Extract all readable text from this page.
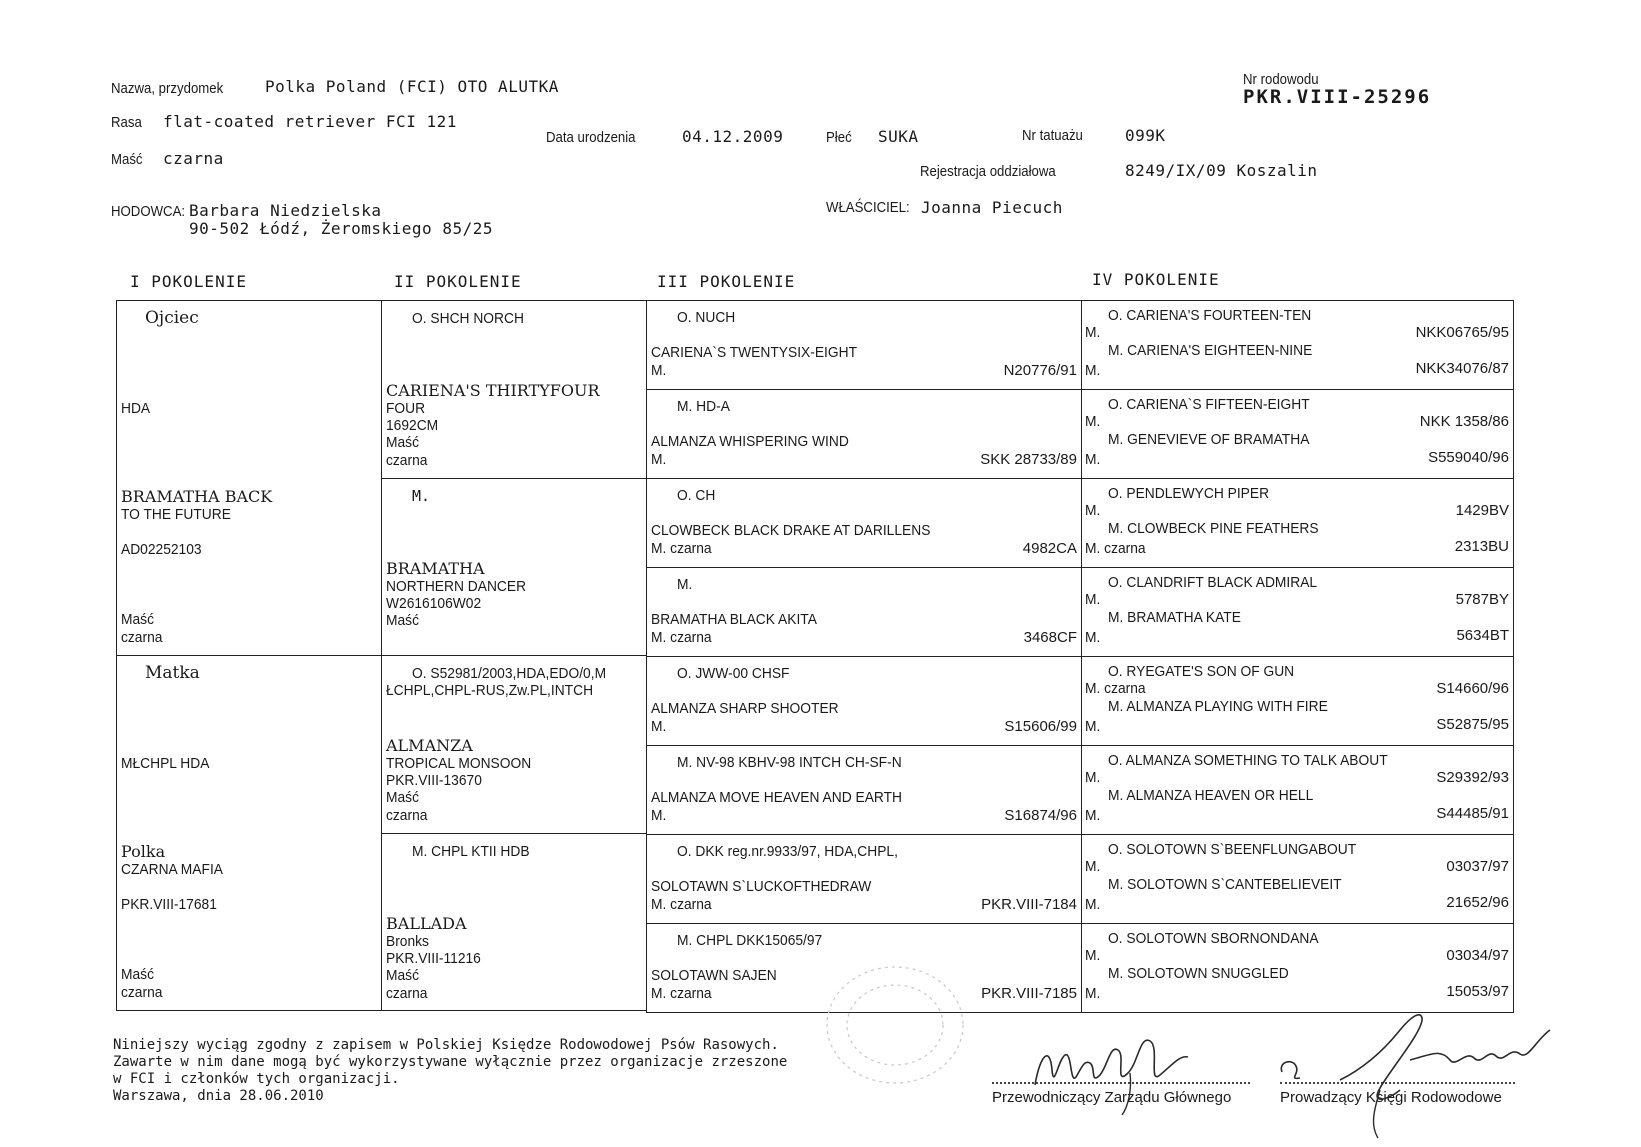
Nazwa, przydomek	Polka Poland (FCI) OTO ALUTKA
Rasa flat-coated retriever FCI 121
Maść czarna
Data urodzenia	04.12.2009	Płeć SUKA	Nr tatuażu	099K
Nr rodowodu
PKR.VIII-25296
Rejestracja oddziałowa	8249/IX/09 Koszalin
HODOWCA: Barbara Niedzielska
90-502 Łódź, Żeromskiego 85/25
WŁAŚCICIEL: Joanna Piecuch
I POKOLENIE	II POKOLENIE	III POKOLENIE	IV POKOLENIE
Ojciec
HDA
BRAMATHA BACK
TO THE FUTURE
AD02252103
Maść
czarna
Matka
MŁCHPL HDA
Polka
CZARNA MAFIA
PKR.VIII-17681
Maść
czarna
O. SHCH NORCH
CARIENA'S THIRTYFOUR
FOUR
1692CM
Maść
czarna
M.
BRAMATHA
NORTHERN DANCER
W2616106W02
Maść
O. S52981/2003,HDA,EDO/0,M
ŁCHPL,CHPL-RUS,Zw.PL,INTCH
ALMANZA
TROPICAL MONSOON
PKR.VIII-13670
Maść
czarna
M. CHPL KTII HDB
BALLADA
Bronks
PKR.VIII-11216
Maść
czarna
O. NUCH
CARIENA`S TWENTYSIX-EIGHT
M.	N20776/91
M. HD-A
ALMANZA WHISPERING WIND
M.	SKK 28733/89
O. CH
CLOWBECK BLACK DRAKE AT DARILLENS
M. czarna	4982CA
M.
BRAMATHA BLACK AKITA
M. czarna	3468CF
O. JWW-00 CHSF
ALMANZA SHARP SHOOTER
M.	S15606/99
M. NV-98 KBHV-98 INTCH CH-SF-N
ALMANZA MOVE HEAVEN AND EARTH
M.	S16874/96
O. DKK reg.nr.9933/97, HDA,CHPL,
SOLOTAWN S`LUCKOFTHEDRAW
M. czarna	PKR.VIII-7184
M. CHPL DKK15065/97
SOLOTAWN SAJEN
M. czarna	PKR.VIII-7185
O. CARIENA'S FOURTEEN-TEN
M.	NKK06765/95
M. CARIENA'S EIGHTEEN-NINE
M.	NKK34076/87
O. CARIENA`S FIFTEEN-EIGHT
M.	NKK 1358/86
M. GENEVIEVE OF BRAMATHA
M.	S559040/96
O. PENDLEWYCH PIPER
M.	1429BV
M. CLOWBECK PINE FEATHERS
M. czarna	2313BU
O. CLANDRIFT BLACK ADMIRAL
M.	5787BY
M. BRAMATHA KATE
M.	5634BT
O. RYEGATE'S SON OF GUN
M. czarna	S14660/96
M. ALMANZA PLAYING WITH FIRE
M.	S52875/95
O. ALMANZA SOMETHING TO TALK ABOUT
M.	S29392/93
M. ALMANZA HEAVEN OR HELL
M.	S44485/91
O. SOLOTOWN S`BEENFLUNGABOUT
M.	03037/97
M. SOLOTOWN S`CANTEBELIEVEIT
M.	21652/96
O. SOLOTOWN SBORNONDANA
M.	03034/97
M. SOLOTOWN SNUGGLED
M.	15053/97
Niniejszy wyciąg zgodny z zapisem w Polskiej Księdze Rodowodowej Psów Rasowych.
Zawarte w nim dane mogą być wykorzystywane wyłącznie przez organizacje zrzeszone
w FCI i członków tych organizacji.
Warszawa, dnia 28.06.2010	Przewodniczący Zarządu Głównego	Prowadzący Księgi Rodowodowe
